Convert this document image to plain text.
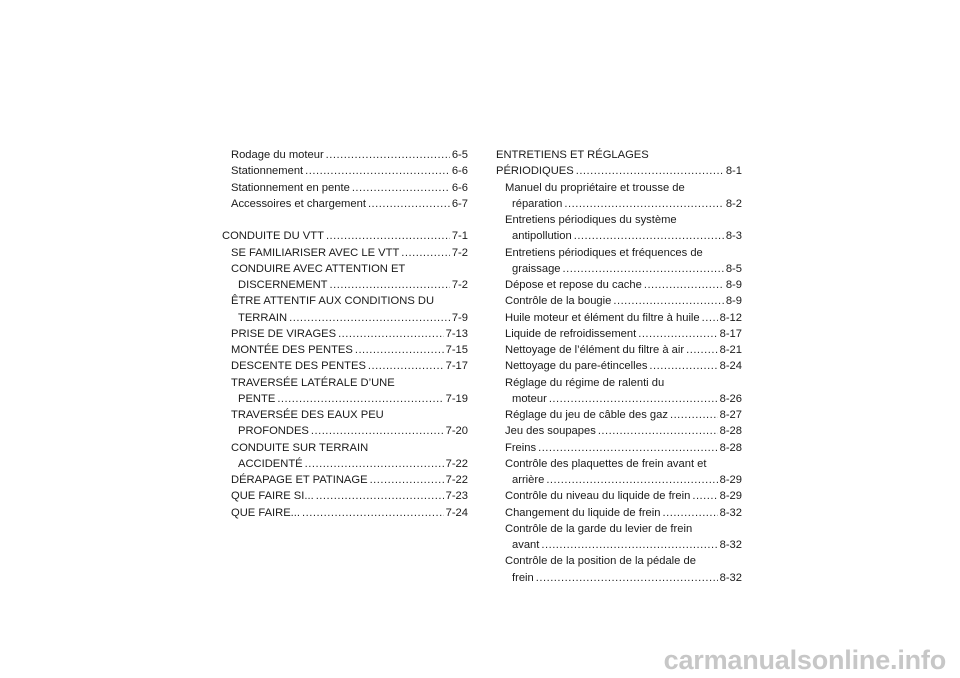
Rodage du moteur .....	6-5
Stationnement .....	6-6
Stationnement en pente .....	6-6
Accessoires et chargement .....	6-7
CONDUITE DU VTT .....	7-1
SE FAMILIARISER AVEC LE VTT .....	7-2
CONDUIRE AVEC ATTENTION ET
DISCERNEMENT .....	7-2
ÊTRE ATTENTIF AUX CONDITIONS DU
TERRAIN .....	7-9
PRISE DE VIRAGES .....	7-13
MONTÉE DES PENTES .....	7-15
DESCENTE DES PENTES .....	7-17
TRAVERSÉE LATÉRALE D’UNE
PENTE .....	7-19
TRAVERSÉE DES EAUX PEU
PROFONDES .....	7-20
CONDUITE SUR TERRAIN
ACCIDENTÉ .....	7-22
DÉRAPAGE ET PATINAGE .....	7-22
QUE FAIRE SI... .....	7-23
QUE FAIRE... .....	7-24
ENTRETIENS ET RÉGLAGES
PÉRIODIQUES .....	8-1
Manuel du propriétaire et trousse de
réparation .....	8-2
Entretiens périodiques du système
antipollution .....	8-3
Entretiens périodiques et fréquences de
graissage .....	8-5
Dépose et repose du cache .....	8-9
Contrôle de la bougie .....	8-9
Huile moteur et élément du filtre à huile ..... 8-12
Liquide de refroidissement .....	8-17
Nettoyage de l’élément du filtre à air .....	8-21
Nettoyage du pare-étincelles .....	8-24
Réglage du régime de ralenti du
moteur .....	8-26
Réglage du jeu de câble des gaz .....	8-27
Jeu des soupapes .....	8-28
Freins .....	8-28
Contrôle des plaquettes de frein avant et
arrière .....	8-29
Contrôle du niveau du liquide de frein .....	8-29
Changement du liquide de frein .....	8-32
Contrôle de la garde du levier de frein
avant .....	8-32
Contrôle de la position de la pédale de
frein .....	8-32
carmanualsonline.info
